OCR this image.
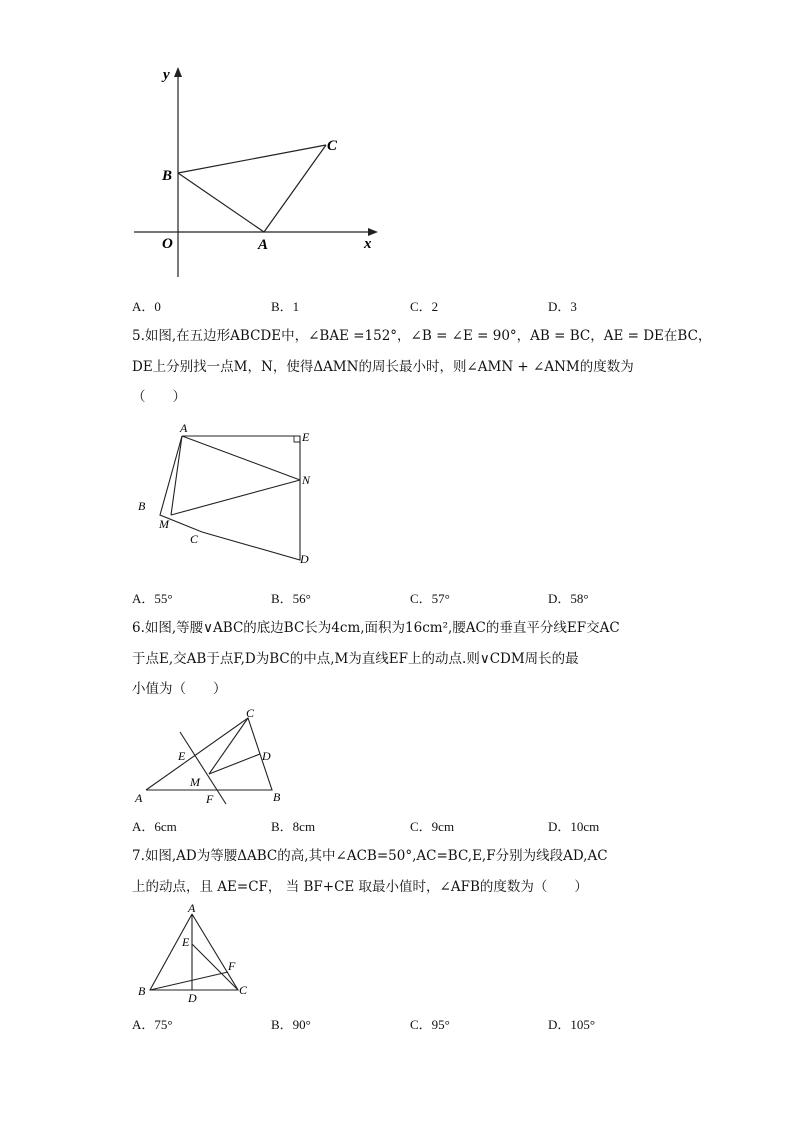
y
x
O	A
B
C
A．0	B．1	C．2	D．3
5.如图,在五边形ABCDE中，∠BAE =152°，∠B = ∠E = 90°，AB = BC，AE = DE在BC，
DE上分别找一点M，N，使得ΔAMN的周长最小时，则∠AMN + ∠ANM的度数为
（　　）
A
E
N
B
M
C
D
A．55°	B．56°	C．57°	D．58°
6.如图,等腰∨ABC的底边BC长为4cm,面积为16cm²,腰AC的垂直平分线EF交AC
于点E,交AB于点F,D为BC的中点,M为直线EF上的动点.则∨CDM周长的最
小值为（　　）
C
E	D
M
A	F	B
A．6cm	B．8cm	C．9cm	D．10cm
7.如图,AD为等腰ΔABC的高,其中∠ACB=50°,AC=BC,E,F分别为线段AD,AC
上的动点，且 AE=CF， 当 BF+CE 取最小值时，∠AFB的度数为（　　）
A
E
F
B	D
C
A．75°	B．90°	C．95°	D．105°
